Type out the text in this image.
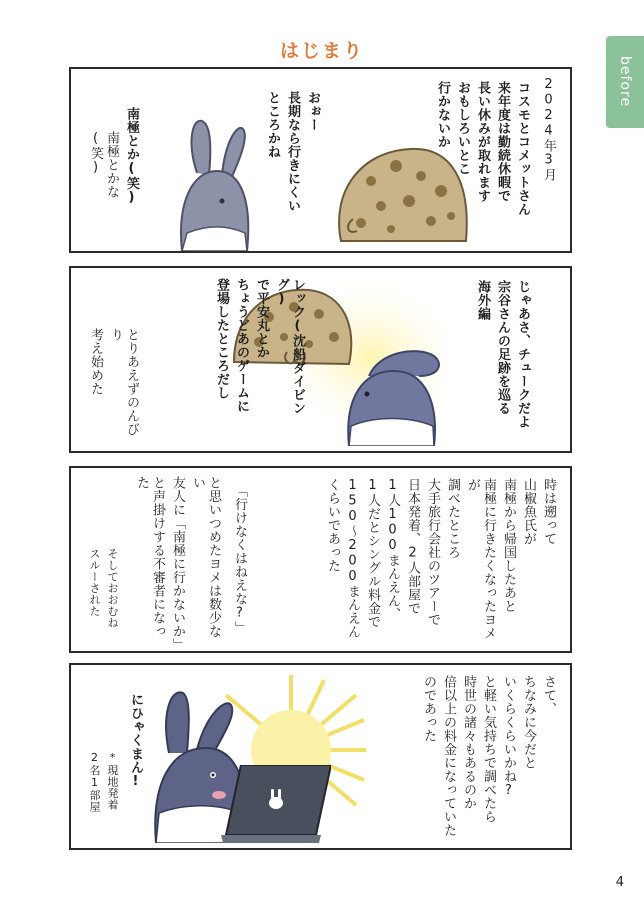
はじまり
before
2024年3月
コスモとコメットさん
来年度は勤続休暇で
長い休みが取れます
おもしろいとこ
行かないか
おぉー
長期なら行きにくい
ところかね
南極とか(笑)
南極とかな(笑)
じゃあさ、チュークだよ
宗谷さんの足跡を巡る
海外編
レック(沈船ダイビング)
で平安丸とか
ちょうどあのゲームに
登場したところだし
とりあえずのんびり
考え始めた
時は遡って
山椒魚氏が
南極から帰国したあと
南極に行きたくなったヨメが
調べたところ
大手旅行会社のツアーで
日本発着、2人部屋で
1人100まんえん、
1人だとシングル料金で
150〜200まんえん
くらいであった
「行けなくはねえな?」
と思いつめたヨメは数少ない
友人に「南極に行かないか」
と声掛けする不審者になった
そしておおむね
スルーされた
さて、
ちなみに今だと
いくらくらいかね?
と軽い気持ちで調べたら
時世の諸々もあるのか
倍以上の料金になっていた
のであった
にひゃくまん!
*現地発着
2名1部屋
4
